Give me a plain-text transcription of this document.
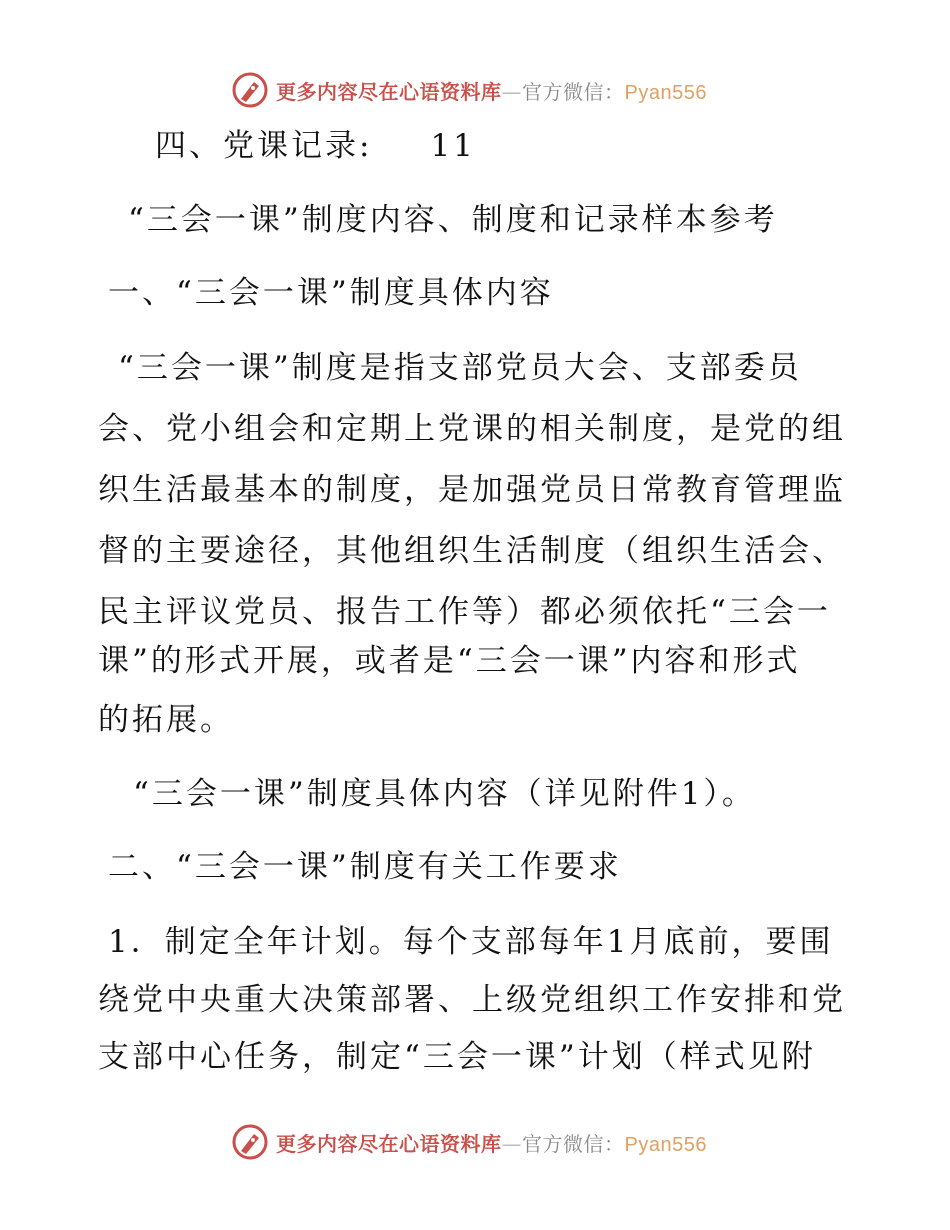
更多内容尽在心语资料库—官方微信：Pyan556
四、党课记录: 11
“三会一课”制度内容、制度和记录样本参考
一、“三会一课”制度具体内容
“三会一课”制度是指支部党员大会、支部委员
会、党小组会和定期上党课的相关制度，是党的组
织生活最基本的制度，是加强党员日常教育管理监
督的主要途径，其他组织生活制度（组织生活会、
民主评议党员、报告工作等）都必须依托“三会一
课”的形式开展，或者是“三会一课”内容和形式
的拓展。
“三会一课”制度具体内容（详见附件1）。
二、“三会一课”制度有关工作要求
1．制定全年计划。每个支部每年1月底前，要围
绕党中央重大决策部署、上级党组织工作安排和党
支部中心任务，制定“三会一课”计划（样式见附
更多内容尽在心语资料库—官方微信：Pyan556
